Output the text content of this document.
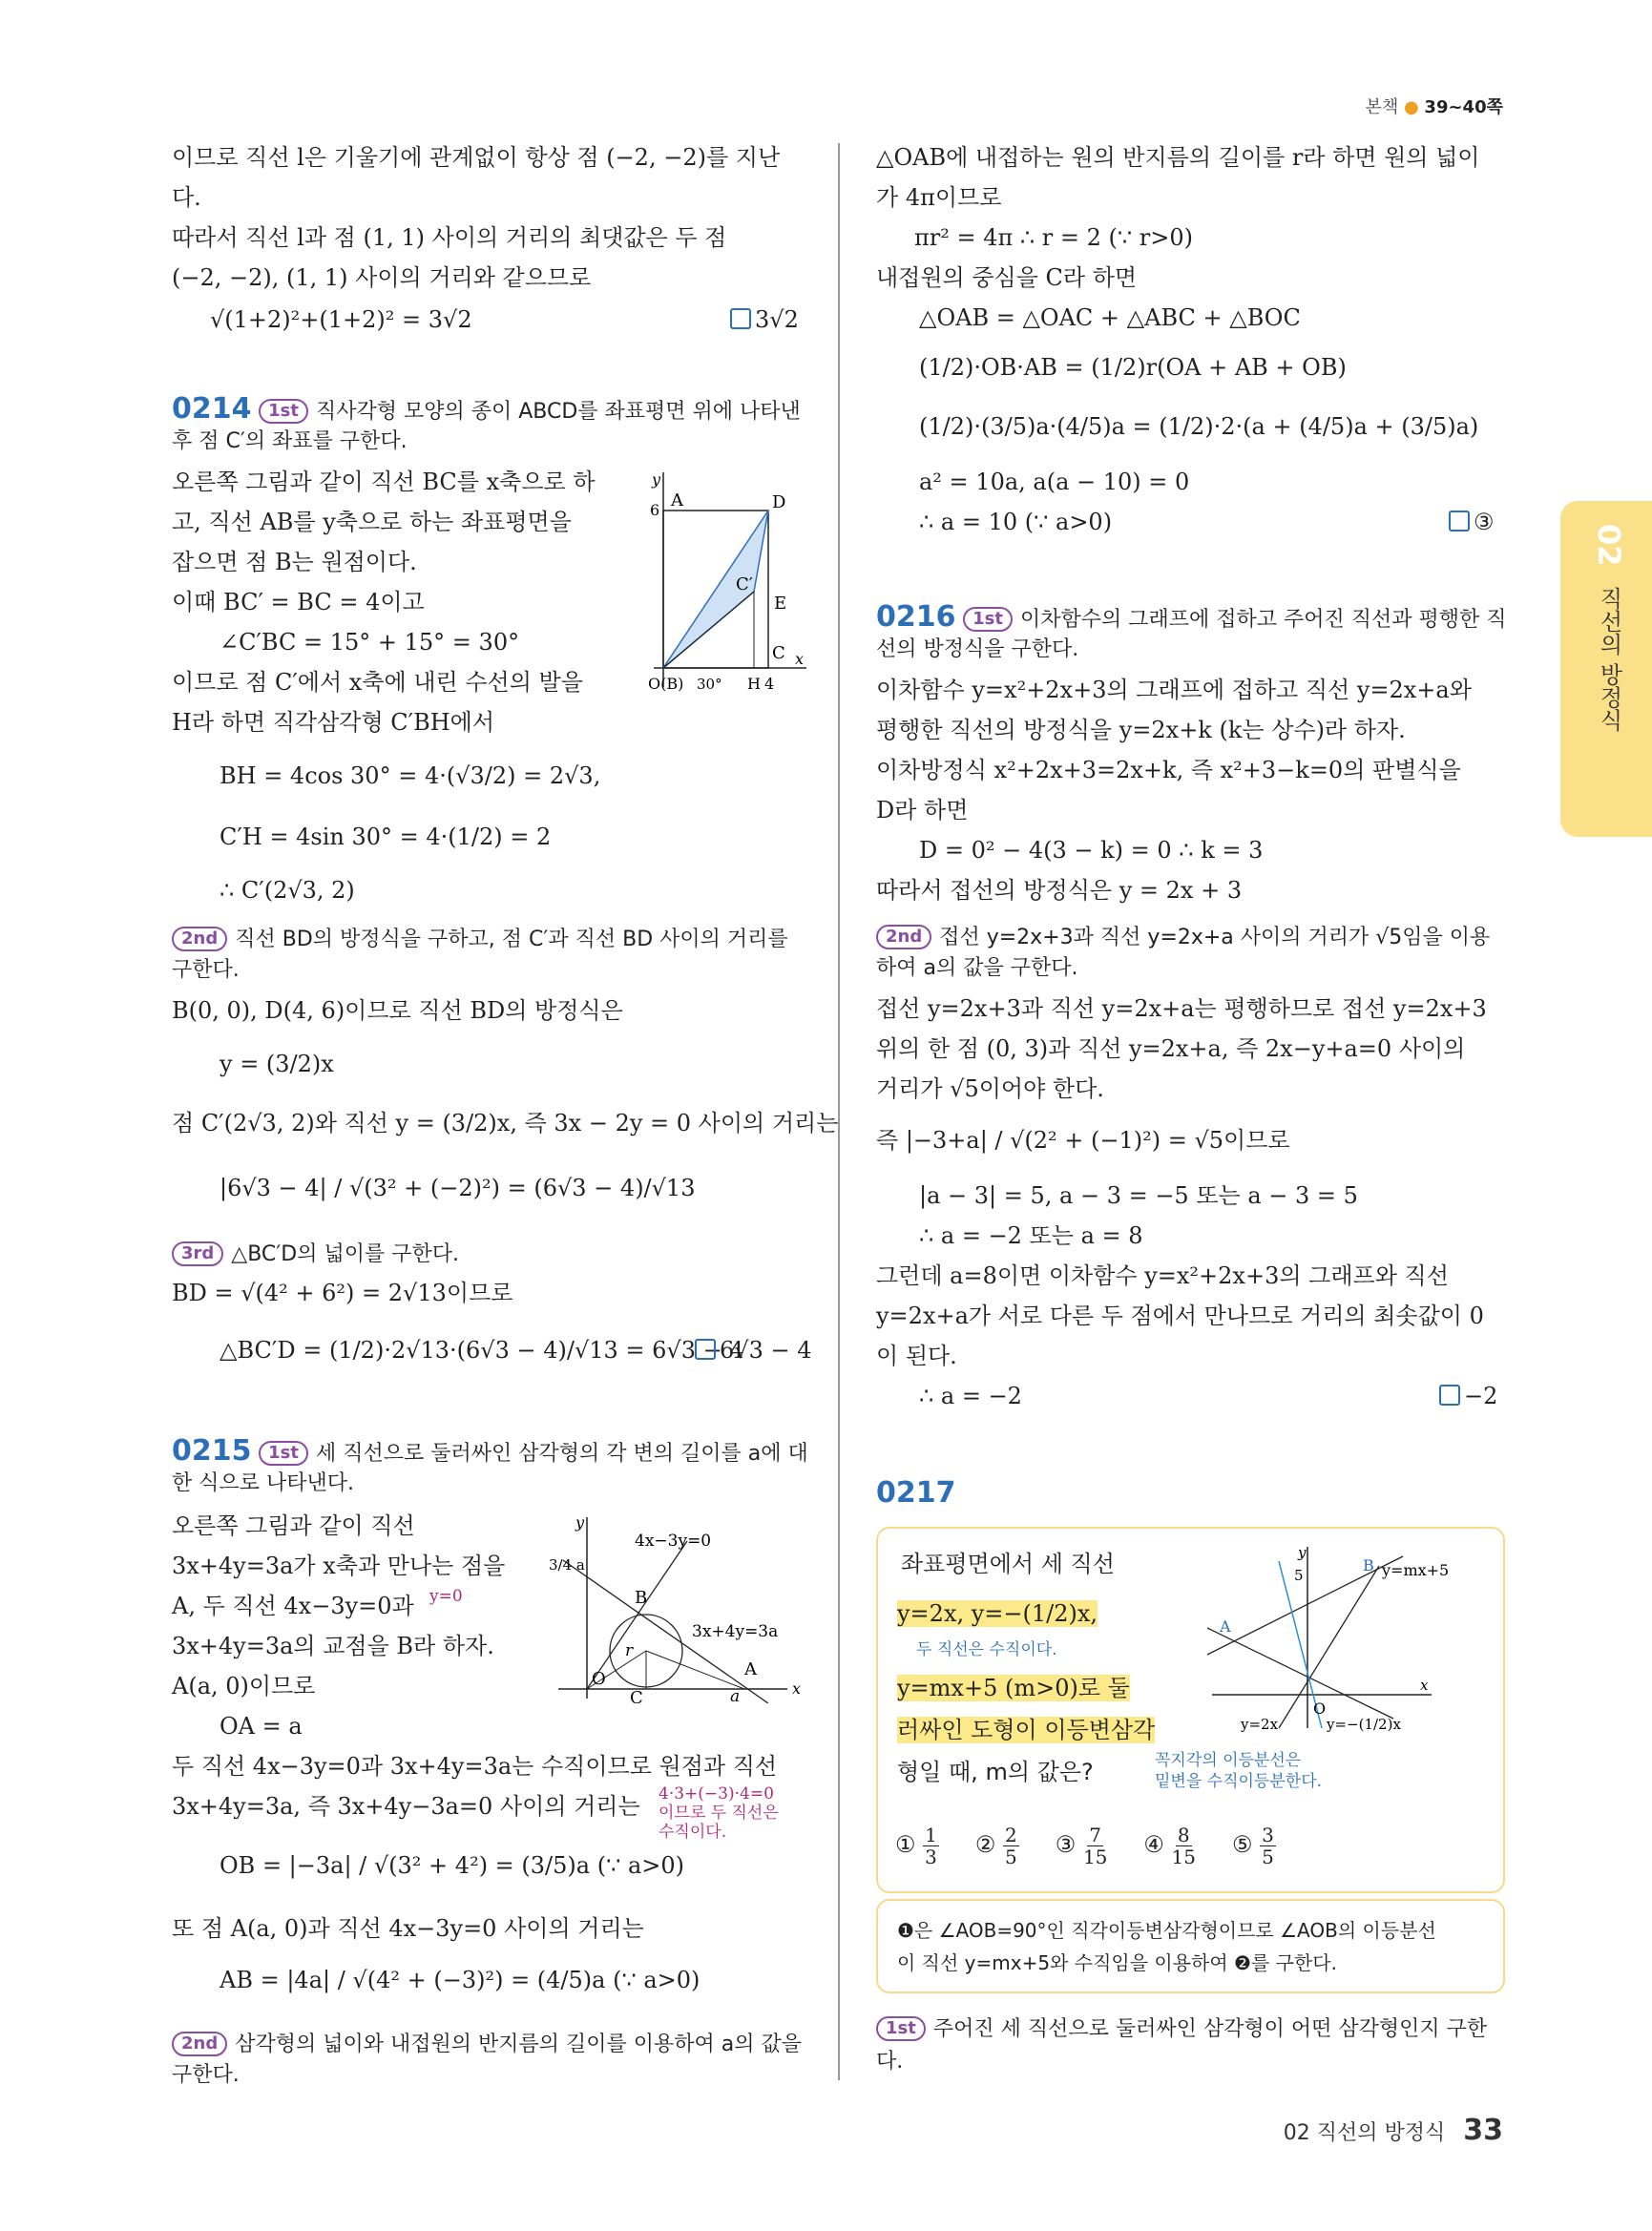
본책 ● 39~40쪽
02
직선의 방정식
이므로 직선 l은 기울기에 관계없이 항상 점 (−2, −2)를 지난
다.
따라서 직선 l과 점 (1, 1) 사이의 거리의 최댓값은 두 점
(−2, −2), (1, 1) 사이의 거리와 같으므로
√(1+2)²+(1+2)² = 3√2	3√2
0214 1st 직사각형 모양의 종이 ABCD를 좌표평면 위에 나타낸
후 점 C′의 좌표를 구한다.
오른쪽 그림과 같이 직선 BC를 x축으로 하
고, 직선 AB를 y축으로 하는 좌표평면을
잡으면 점 B는 원점이다.
이때 BC′ = BC = 4이고
∠C′BC = 15° + 15° = 30°
이므로 점 C′에서 x축에 내린 수선의 발을
H라 하면 직각삼각형 C′BH에서
BH = 4cos 30° = 4·(√3/2) = 2√3,
C′H = 4sin 30° = 4·(1/2) = 2
∴ C′(2√3, 2)
2nd 직선 BD의 방정식을 구하고, 점 C′과 직선 BD 사이의 거리를
구한다.
B(0, 0), D(4, 6)이므로 직선 BD의 방정식은
y = (3/2)x
점 C′(2√3, 2)와 직선 y = (3/2)x, 즉 3x − 2y = 0 사이의 거리는
|6√3 − 4| / √(3² + (−2)²) = (6√3 − 4)/√13
3rd △BC′D의 넓이를 구한다.
BD = √(4² + 6²) = 2√13이므로
△BC′D = (1/2)·2√13·(6√3 − 4)/√13 = 6√3 − 4
6√3 − 4
0215 1st 세 직선으로 둘러싸인 삼각형의 각 변의 길이를 a에 대
한 식으로 나타낸다.
오른쪽 그림과 같이 직선
3x+4y=3a가 x축과 만나는 점을
A, 두 직선 4x−3y=0과
3x+4y=3a의 교점을 B라 하자.
A(a, 0)이므로
OA = a
두 직선 4x−3y=0과 3x+4y=3a는 수직이므로 원점과 직선
3x+4y=3a, 즉 3x+4y−3a=0 사이의 거리는 4·3+(−3)·4=0
이므로 두 직선은
수직이다.
y=0
OB = |−3a| / √(3² + 4²) = (3/5)a (∵ a>0)
또 점 A(a, 0)과 직선 4x−3y=0 사이의 거리는
AB = |4a| / √(4² + (−3)²) = (4/5)a (∵ a>0)
2nd 삼각형의 넓이와 내접원의 반지름의 길이를 이용하여 a의 값을
구한다.
A	D
C
C′
E
O(B) 30° H 4
6
y
x
4x−3y=0
3x+4y=3a
B
A
O
C
r
a
3/4 a
y
x
△OAB에 내접하는 원의 반지름의 길이를 r라 하면 원의 넓이
가 4π이므로
πr² = 4π ∴ r = 2 (∵ r>0)
내접원의 중심을 C라 하면
△OAB = △OAC + △ABC + △BOC
(1/2)·OB·AB = (1/2)r(OA + AB + OB)
(1/2)·(3/5)a·(4/5)a = (1/2)·2·(a + (4/5)a + (3/5)a)
a² = 10a, a(a − 10) = 0
∴ a = 10 (∵ a>0)	③
0216 1st 이차함수의 그래프에 접하고 주어진 직선과 평행한 직
선의 방정식을 구한다.
이차함수 y=x²+2x+3의 그래프에 접하고 직선 y=2x+a와
평행한 직선의 방정식을 y=2x+k (k는 상수)라 하자.
이차방정식 x²+2x+3=2x+k, 즉 x²+3−k=0의 판별식을
D라 하면
D = 0² − 4(3 − k) = 0 ∴ k = 3
따라서 접선의 방정식은 y = 2x + 3
2nd 접선 y=2x+3과 직선 y=2x+a 사이의 거리가 √5임을 이용
하여 a의 값을 구한다.
접선 y=2x+3과 직선 y=2x+a는 평행하므로 접선 y=2x+3
위의 한 점 (0, 3)과 직선 y=2x+a, 즉 2x−y+a=0 사이의
거리가 √5이어야 한다.
즉 |−3+a| / √(2² + (−1)²) = √5이므로
|a − 3| = 5, a − 3 = −5 또는 a − 3 = 5
∴ a = −2 또는 a = 8
그런데 a=8이면 이차함수 y=x²+2x+3의 그래프와 직선
y=2x+a가 서로 다른 두 점에서 만나므로 거리의 최솟값이 0
이 된다.
∴ a = −2	−2
0217
좌표평면에서 세 직선
y=2x, y=−(1/2)x,
두 직선은 수직이다.
y=mx+5 (m>0)로 둘
러싸인 도형이 이등변삼각
형일 때, m의 값은?	꼭지각의 이등분선은
밑변을 수직이등분한다.
① $\frac{1}{3}$ ② $\frac{2}{5}$ ③ $\frac{7}{15}$ ④ $\frac{8}{15}$ ⑤ $\frac{3}{5}$
5
B
A
O
y=mx+5
y=2x	y=−(1/2)x
y
x
❶은 ∠AOB=90°인 직각이등변삼각형이므로 ∠AOB의 이등분선
이 직선 y=mx+5와 수직임을 이용하여 ❷를 구한다.
1st 주어진 세 직선으로 둘러싸인 삼각형이 어떤 삼각형인지 구한
다.
02 직선의 방정식 33
